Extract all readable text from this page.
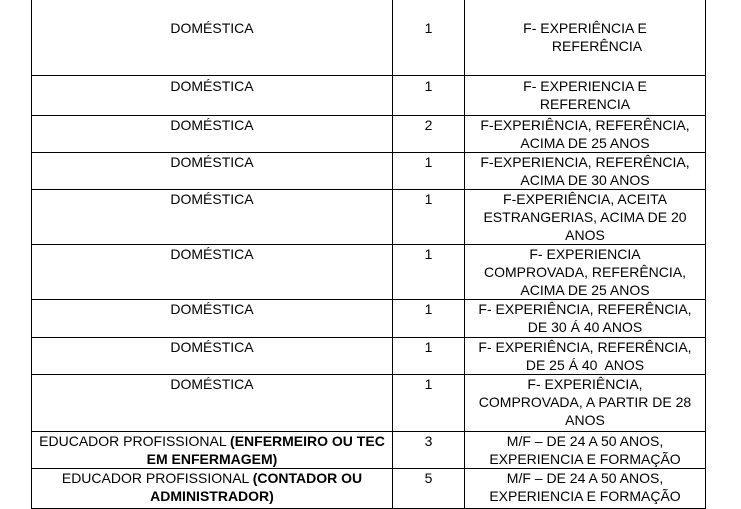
DOMÉSTICA	1	F- EXPERIÊNCIA E
REFERÊNCIA

DOMÉSTICA	1	F- EXPERIENCIA E
REFERENCIA

DOMÉSTICA	2	F-EXPERIÊNCIA, REFERÊNCIA,
ACIMA DE 25 ANOS

DOMÉSTICA	1	F-EXPERIENCIA, REFERÊNCIA,
ACIMA DE 30 ANOS

DOMÉSTICA	1	F-EXPERIÊNCIA, ACEITA
ESTRANGERIAS, ACIMA DE 20
ANOS

DOMÉSTICA	1	F- EXPERIENCIA
COMPROVADA, REFERÊNCIA,
ACIMA DE 25 ANOS

DOMÉSTICA	1	F- EXPERIÊNCIA, REFERÊNCIA,
DE 30 Á 40 ANOS

DOMÉSTICA	1	F- EXPERIÊNCIA, REFERÊNCIA,
DE 25 Á 40  ANOS

DOMÉSTICA	1	F- EXPERIÊNCIA,
COMPROVADA, A PARTIR DE 28
ANOS

EDUCADOR PROFISSIONAL (ENFERMEIRO OU TEC EM ENFERMAGEM)	3	M/F – DE 24 A 50 ANOS,
EXPERIENCIA E FORMAÇÃO

EDUCADOR PROFISSIONAL (CONTADOR OU ADMINISTRADOR)	5	M/F – DE 24 A 50 ANOS,
EXPERIENCIA E FORMAÇÃO
